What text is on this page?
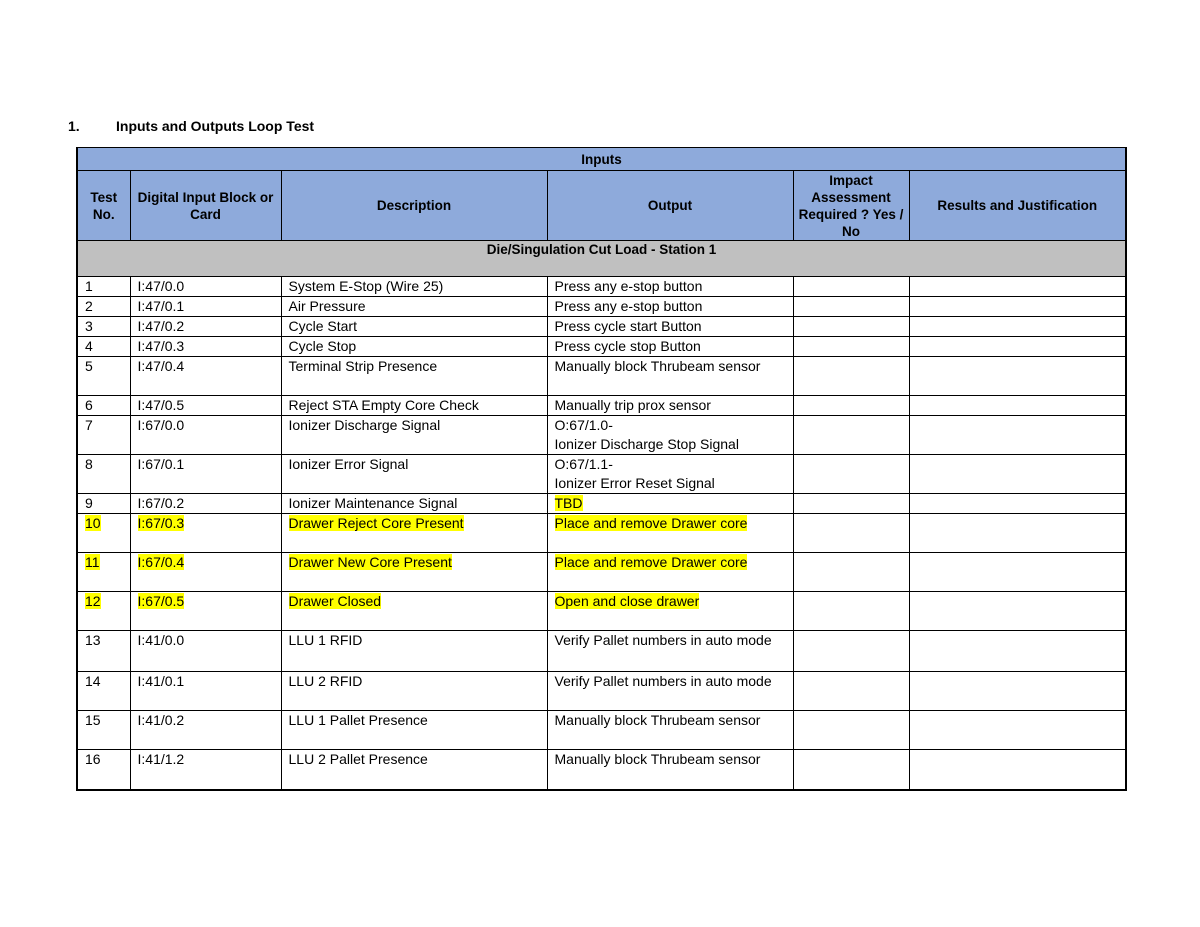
1.	Inputs and Outputs Loop Test
Inputs					
Test No.	Digital Input Block or Card	Description	Output	Impact Assessment Required ? Yes / No	Results and Justification
Die/Singulation Cut Load - Station 1					
1	I:47/0.0	System E-Stop (Wire 25)	Press any e-stop button		
2	I:47/0.1	Air Pressure	Press any e-stop button		
3	I:47/0.2	Cycle Start	Press cycle start Button		
4	I:47/0.3	Cycle Stop	Press cycle stop Button		
5	I:47/0.4	Terminal Strip Presence	Manually block Thrubeam sensor		
6	I:47/0.5	Reject STA Empty Core Check	Manually trip prox sensor		
7	I:67/0.0	Ionizer Discharge Signal	O:67/1.0-
Ionizer Discharge Stop Signal		
8	I:67/0.1	Ionizer Error Signal	O:67/1.1-
Ionizer Error Reset Signal		
9	I:67/0.2	Ionizer Maintenance Signal	TBD		
10	I:67/0.3	Drawer Reject Core Present	Place and remove Drawer core		
11	I:67/0.4	Drawer New Core Present	Place and remove Drawer core		
12	I:67/0.5	Drawer Closed	Open and close drawer		
13	I:41/0.0	LLU 1 RFID	Verify Pallet numbers in auto mode		
14	I:41/0.1	LLU 2 RFID	Verify Pallet numbers in auto mode		
15	I:41/0.2	LLU 1 Pallet Presence	Manually block Thrubeam sensor		
16	I:41/1.2	LLU 2 Pallet Presence	Manually block Thrubeam sensor		
